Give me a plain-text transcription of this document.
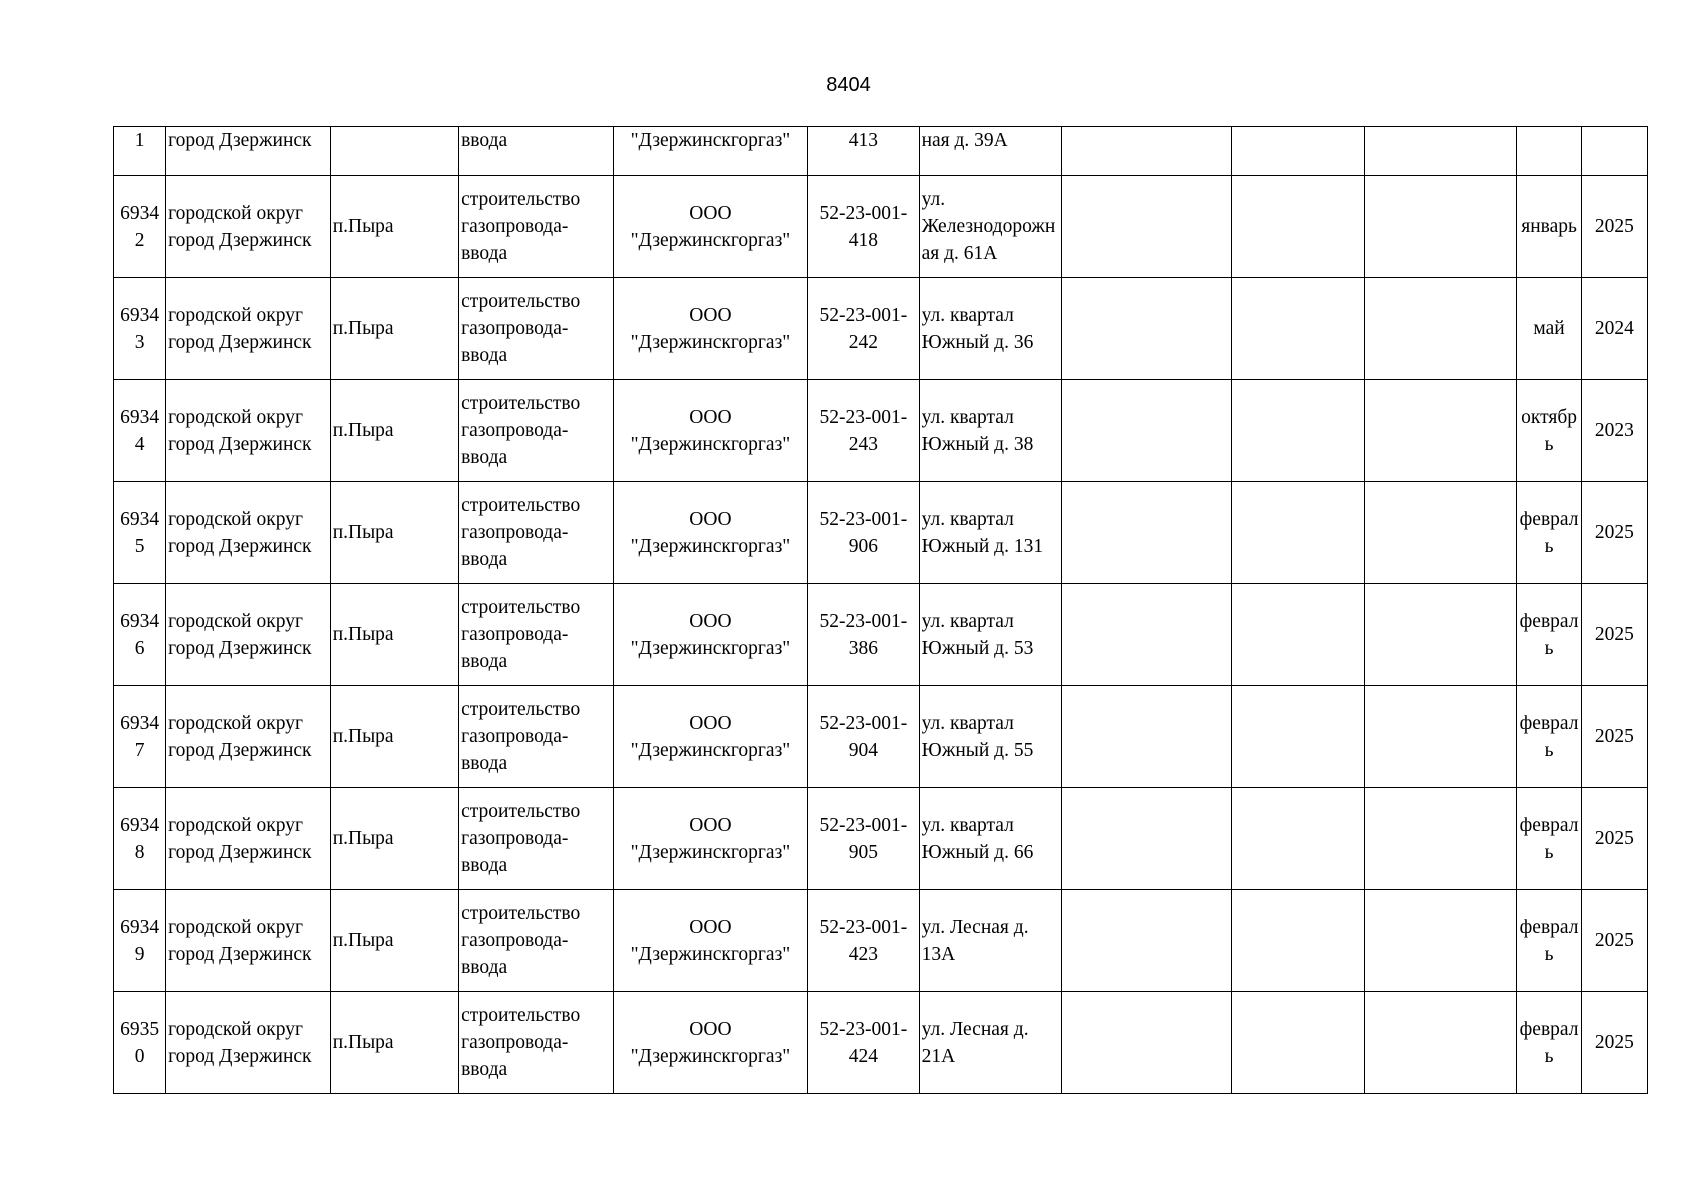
8404
1	город Дзержинск		ввода	"Дзержинскгоргаз"	413	ная д. 39А					
69342	городской округ город Дзержинск	п.Пыра	строительство газопровода-ввода	ООО "Дзержинскгоргаз"	52-23-001-418	ул. Железнодорожная д. 61А				январь	2025
69343	городской округ город Дзержинск	п.Пыра	строительство газопровода-ввода	ООО "Дзержинскгоргаз"	52-23-001-242	ул. квартал Южный д. 36				май	2024
69344	городской округ город Дзержинск	п.Пыра	строительство газопровода-ввода	ООО "Дзержинскгоргаз"	52-23-001-243	ул. квартал Южный д. 38				октябрь	2023
69345	городской округ город Дзержинск	п.Пыра	строительство газопровода-ввода	ООО "Дзержинскгоргаз"	52-23-001-906	ул. квартал Южный д. 131				февраль	2025
69346	городской округ город Дзержинск	п.Пыра	строительство газопровода-ввода	ООО "Дзержинскгоргаз"	52-23-001-386	ул. квартал Южный д. 53				февраль	2025
69347	городской округ город Дзержинск	п.Пыра	строительство газопровода-ввода	ООО "Дзержинскгоргаз"	52-23-001-904	ул. квартал Южный д. 55				февраль	2025
69348	городской округ город Дзержинск	п.Пыра	строительство газопровода-ввода	ООО "Дзержинскгоргаз"	52-23-001-905	ул. квартал Южный д. 66				февраль	2025
69349	городской округ город Дзержинск	п.Пыра	строительство газопровода-ввода	ООО "Дзержинскгоргаз"	52-23-001-423	ул. Лесная д. 13А				февраль	2025
69350	городской округ город Дзержинск	п.Пыра	строительство газопровода-ввода	ООО "Дзержинскгоргаз"	52-23-001-424	ул. Лесная д. 21А				февраль	2025
